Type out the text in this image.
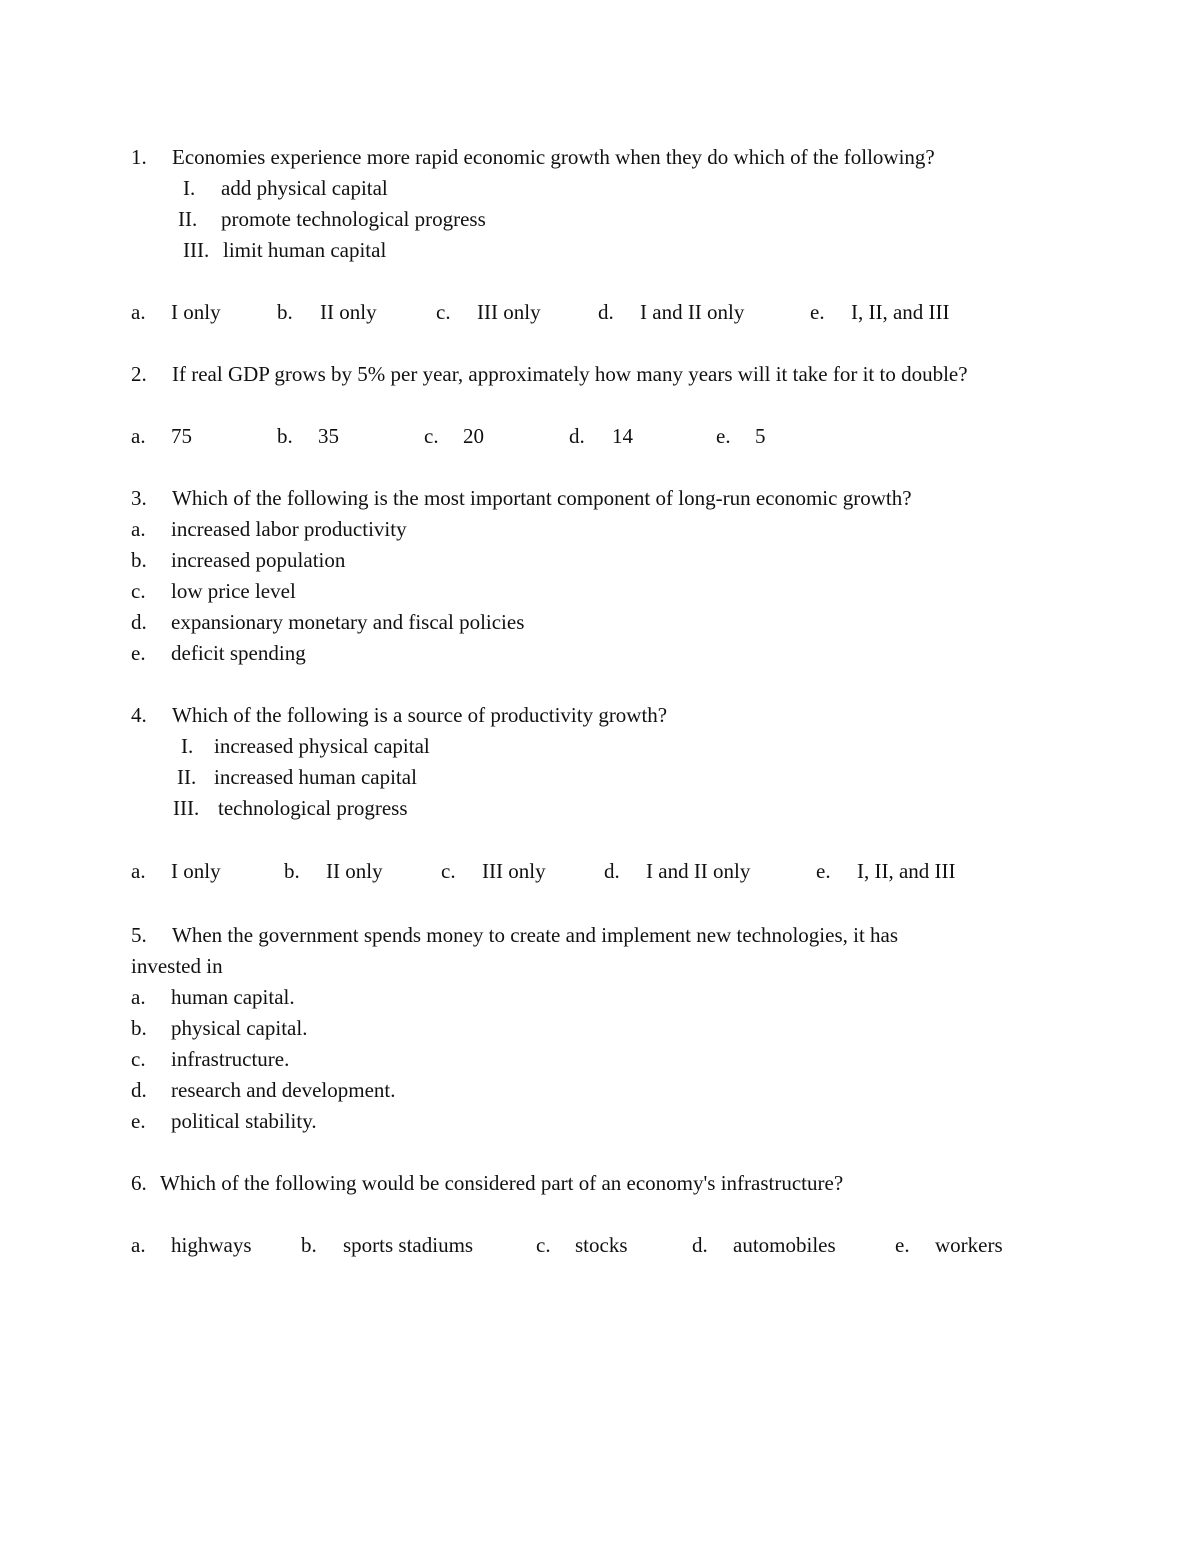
1. Economies experience more rapid economic growth when they do which of the following?
I. add physical capital
II. promote technological progress
III. limit human capital
a. I only	b. II only	c. III only	d. I and II only	e. I, II, and III
2. If real GDP grows by 5% per year, approximately how many years will it take for it to double?
a. 75	b. 35	c. 20	d. 14	e. 5
3. Which of the following is the most important component of long-run economic growth?
a. increased labor productivity
b. increased population
c. low price level
d. expansionary monetary and fiscal policies
e. deficit spending
4. Which of the following is a source of productivity growth?
I. increased physical capital
II. increased human capital
III. technological progress
a. I only	b. II only	c. III only	d. I and II only	e. I, II, and III
5. When the government spends money to create and implement new technologies, it has
invested in
a. human capital.
b. physical capital.
c. infrastructure.
d. research and development.
e. political stability.
6. Which of the following would be considered part of an economy's infrastructure?
a. highways b. sports stadiums	c. stocks	d. automobiles	e. workers
